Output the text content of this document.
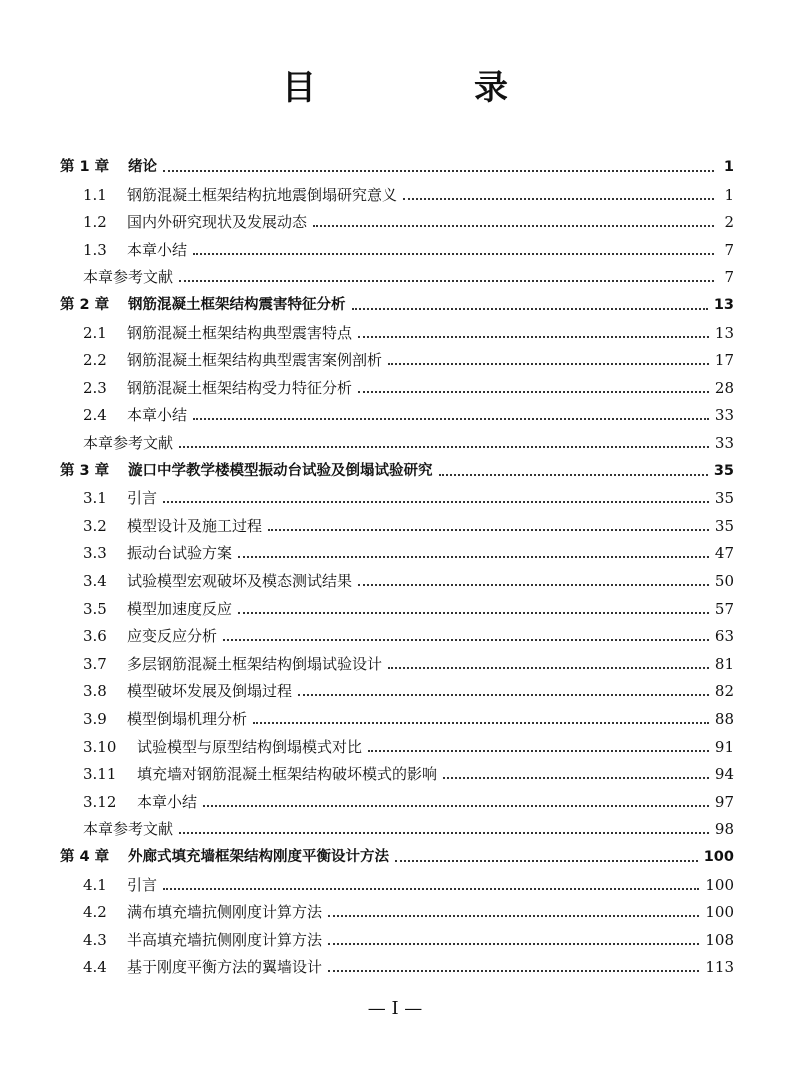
目　录
第 1 章	绪论	1
1.1	钢筋混凝土框架结构抗地震倒塌研究意义	1
1.2	国内外研究现状及发展动态	2
1.3	本章小结	7
本章参考文献	7
第 2 章	钢筋混凝土框架结构震害特征分析	13
2.1	钢筋混凝土框架结构典型震害特点	13
2.2	钢筋混凝土框架结构典型震害案例剖析	17
2.3	钢筋混凝土框架结构受力特征分析	28
2.4	本章小结	33
本章参考文献	33
第 3 章	漩口中学教学楼模型振动台试验及倒塌试验研究	35
3.1	引言	35
3.2	模型设计及施工过程	35
3.3	振动台试验方案	47
3.4	试验模型宏观破坏及模态测试结果	50
3.5	模型加速度反应	57
3.6	应变反应分析	63
3.7	多层钢筋混凝土框架结构倒塌试验设计	81
3.8	模型破坏发展及倒塌过程	82
3.9	模型倒塌机理分析	88
3.10	试验模型与原型结构倒塌模式对比	91
3.11	填充墙对钢筋混凝土框架结构破坏模式的影响	94
3.12	本章小结	97
本章参考文献	98
第 4 章	外廊式填充墙框架结构刚度平衡设计方法	100
4.1	引言	100
4.2	满布填充墙抗侧刚度计算方法	100
4.3	半高填充墙抗侧刚度计算方法	108
4.4	基于刚度平衡方法的翼墙设计	113
— I —
